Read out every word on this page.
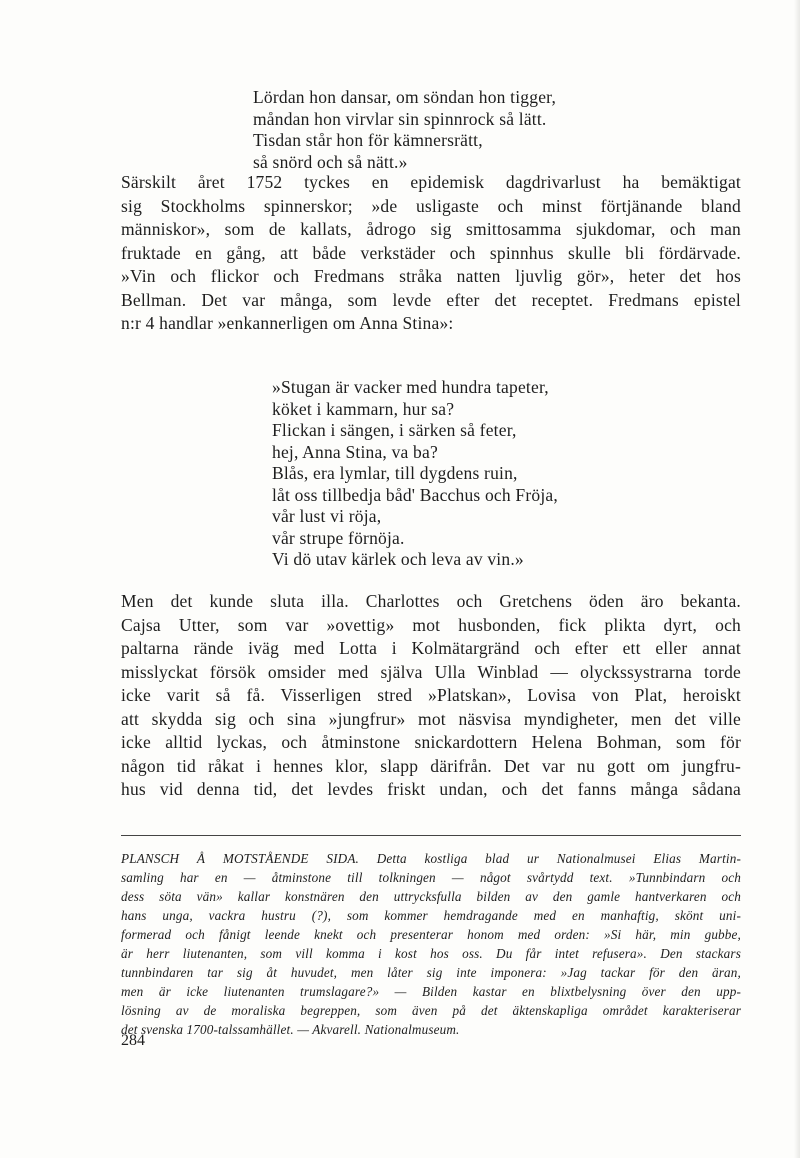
Lördan hon dansar, om söndan hon tigger,
måndan hon virvlar sin spinnrock så lätt.
Tisdan står hon för kämnersrätt,
så snörd och så nätt.»
Särskilt året 1752 tyckes en epidemisk dagdrivarlust ha bemäktigat
sig Stockholms spinnerskor; »de usligaste och minst förtjänande bland
människor», som de kallats, ådrogo sig smittosamma sjukdomar, och man
fruktade en gång, att både verkstäder och spinnhus skulle bli fördärvade.
»Vin och flickor och Fredmans stråka natten ljuvlig gör», heter det hos
Bellman. Det var många, som levde efter det receptet. Fredmans epistel
n:r 4 handlar »enkannerligen om Anna Stina»:
»Stugan är vacker med hundra tapeter,
köket i kammarn, hur sa?
Flickan i sängen, i särken så feter,
hej, Anna Stina, va ba?
Blås, era lymlar, till dygdens ruin,
låt oss tillbedja båd' Bacchus och Fröja,
vår lust vi röja,
vår strupe förnöja.
Vi dö utav kärlek och leva av vin.»
Men det kunde sluta illa. Charlottes och Gretchens öden äro bekanta.
Cajsa Utter, som var »ovettig» mot husbonden, fick plikta dyrt, och
paltarna rände iväg med Lotta i Kolmätargränd och efter ett eller annat
misslyckat försök omsider med själva Ulla Winblad — olyckssystrarna torde
icke varit så få. Visserligen stred »Platskan», Lovisa von Plat, heroiskt
att skydda sig och sina »jungfrur» mot näsvisa myndigheter, men det ville
icke alltid lyckas, och åtminstone snickardottern Helena Bohman, som för
någon tid råkat i hennes klor, slapp därifrån. Det var nu gott om jungfru-
hus vid denna tid, det levdes friskt undan, och det fanns många sådana
PLANSCH Å MOTSTÅENDE SIDA. Detta kostliga blad ur Nationalmusei Elias Martin-
samling har en — åtminstone till tolkningen — något svårtydd text. »Tunnbindarn och
dess söta vän» kallar konstnären den uttrycksfulla bilden av den gamle hantverkaren och
hans unga, vackra hustru (?), som kommer hemdragande med en manhaftig, skönt uni-
formerad och fånigt leende knekt och presenterar honom med orden: »Si här, min gubbe,
är herr liutenanten, som vill komma i kost hos oss. Du får intet refusera». Den stackars
tunnbindaren tar sig åt huvudet, men låter sig inte imponera: »Jag tackar för den äran,
men är icke liutenanten trumslagare?» — Bilden kastar en blixtbelysning över den upp-
lösning av de moraliska begreppen, som även på det äktenskapliga området karakteriserar
det svenska 1700-talssamhället. — Akvarell. Nationalmuseum.
284
